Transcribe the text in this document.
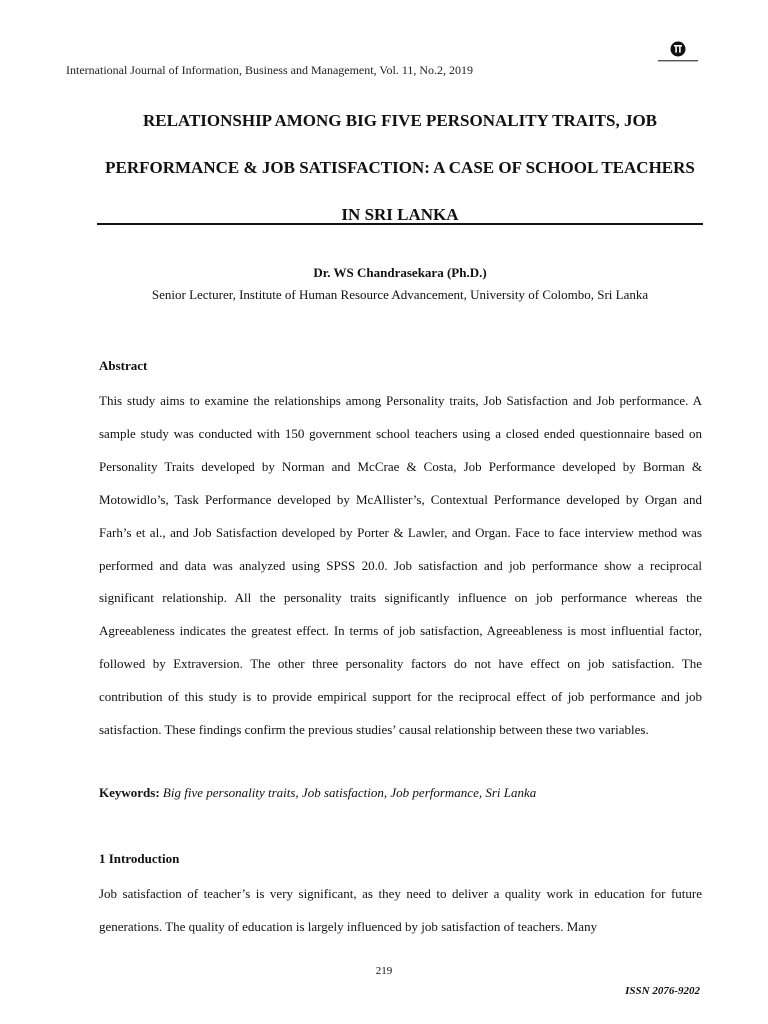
International Journal of Information, Business and Management, Vol. 11, No.2, 2019
RELATIONSHIP AMONG BIG FIVE PERSONALITY TRAITS, JOB PERFORMANCE & JOB SATISFACTION: A CASE OF SCHOOL TEACHERS IN SRI LANKA
Dr. WS Chandrasekara (Ph.D.)
Senior Lecturer, Institute of Human Resource Advancement, University of Colombo, Sri Lanka
Abstract

This study aims to examine the relationships among Personality traits, Job Satisfaction and Job performance. A sample study was conducted with 150 government school teachers using a closed ended questionnaire based on Personality Traits developed by Norman and McCrae & Costa, Job Performance developed by Borman & Motowidlo’s, Task Performance developed by McAllister’s, Contextual Performance developed by Organ and Farh’s et al., and Job Satisfaction developed by Porter & Lawler, and Organ. Face to face interview method was performed and data was analyzed using SPSS 20.0. Job satisfaction and job performance show a reciprocal significant relationship. All the personality traits significantly influence on job performance whereas the Agreeableness indicates the greatest effect. In terms of job satisfaction, Agreeableness is most influential factor, followed by Extraversion. The other three personality factors do not have effect on job satisfaction. The contribution of this study is to provide empirical support for the reciprocal effect of job performance and job satisfaction. These findings confirm the previous studies’ causal relationship between these two variables.

Keywords: Big five personality traits, Job satisfaction, Job performance, Sri Lanka
1 Introduction

Job satisfaction of teacher’s is very significant, as they need to deliver a quality work in education for future generations. The quality of education is largely influenced by job satisfaction of teachers. Many

219
ISSN 2076-9202
